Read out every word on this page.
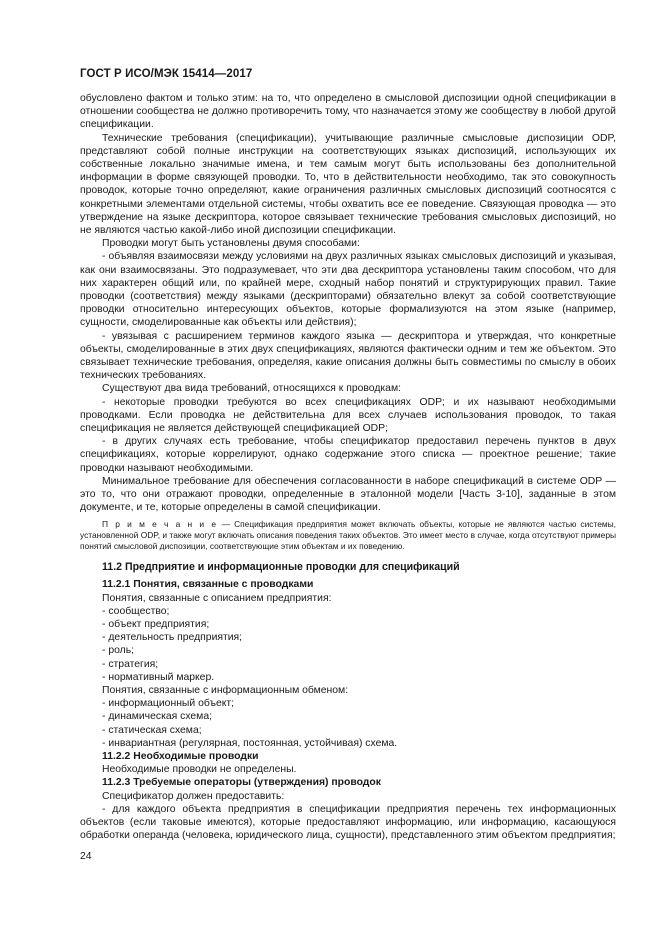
ГОСТ Р ИСО/МЭК 15414—2017

обусловлено фактом и только этим: на то, что определено в смысловой диспозиции одной спецификации в отношении сообщества не должно противоречить тому, что назначается этому же сообществу в любой другой спецификации.

Технические требования (спецификации), учитывающие различные смысловые диспозиции ODP, представляют собой полные инструкции на соответствующих языках диспозиций, использующих их собственные локально значимые имена, и тем самым могут быть использованы без дополнительной информации в форме связующей проводки. То, что в действительности необходимо, так это совокупность проводок, которые точно определяют, какие ограничения различных смысловых диспозиций соотносятся с конкретными элементами отдельной системы, чтобы охватить все ее поведение. Связующая проводка — это утверждение на языке дескриптора, которое связывает технические требования смысловых диспозиций, но не являются частью какой-либо иной диспозиции спецификации.

Проводки могут быть установлены двумя способами:

- объявляя взаимосвязи между условиями на двух различных языках смысловых диспозиций и указывая, как они взаимосвязаны. Это подразумевает, что эти два дескриптора установлены таким способом, что для них характерен общий или, по крайней мере, сходный набор понятий и структурирующих правил. Такие проводки (соответствия) между языками (дескрипторами) обязательно влекут за собой соответствующие проводки относительно интересующих объектов, которые формализуются на этом языке (например, сущности, смоделированные как объекты или действия);

- увязывая с расширением терминов каждого языка — дескриптора и утверждая, что конкретные объекты, смоделированные в этих двух спецификациях, являются фактически одним и тем же объектом. Это связывает технические требования, определяя, какие описания должны быть совместимы по смыслу в обоих технических требованиях.

Существуют два вида требований, относящихся к проводкам:

- некоторые проводки требуются во всех спецификациях ODP; и их называют необходимыми проводками. Если проводка не действительна для всех случаев использования проводок, то такая спецификация не является действующей спецификацией ODP;

- в других случаях есть требование, чтобы спецификатор предоставил перечень пунктов в двух спецификациях, которые коррелируют, однако содержание этого списка — проектное решение; такие проводки называют необходимыми.

Минимальное требование для обеспечения согласованности в наборе спецификаций в системе ODP — это то, что они отражают проводки, определенные в эталонной модели [Часть 3-10], заданные в этом документе, и те, которые определены в самой спецификации.

П р и м е ч а н и е — Спецификация предприятия может включать объекты, которые не являются частью системы, установленной ODP, и также могут включать описания поведения таких объектов. Это имеет место в случае, когда отсутствуют примеры понятий смысловой диспозиции, соответствующие этим объектам и их поведению.

11.2 Предприятие и информационные проводки для спецификаций
11.2.1 Понятия, связанные с проводками

Понятия, связанные с описанием предприятия:

- сообщество;
- объект предприятия;
- деятельность предприятия;
- роль;
- стратегия;
- нормативный маркер.

Понятия, связанные с информационным обменом:

- информационный объект;
- динамическая схема;
- статическая схема;
- инвариантная (регулярная, постоянная, устойчивая) схема.
11.2.2 Необходимые проводки

Необходимые проводки не определены.

11.2.3 Требуемые операторы (утверждения) проводок

Спецификатор должен предоставить:

- для каждого объекта предприятия в спецификации предприятия перечень тех информационных объектов (если таковые имеются), которые предоставляют информацию, или информацию, касающуюся обработки операнда (человека, юридического лица, сущности), представленного этим объектом предприятия;

24
